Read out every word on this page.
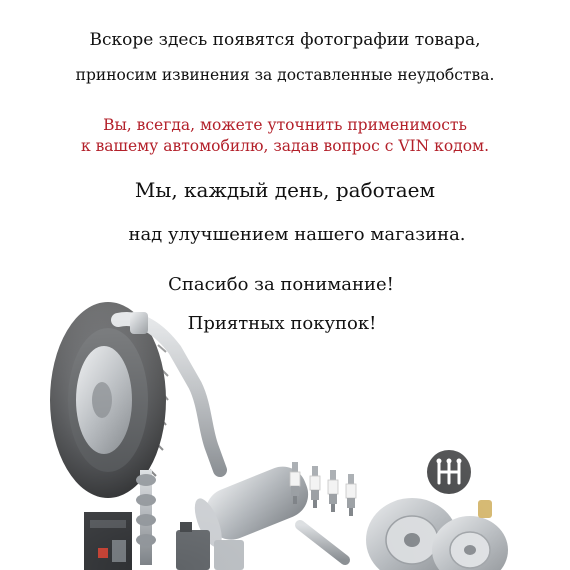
Вскоре здесь появятся фотографии товара,
приносим извинения за доставленные неудобства.
Вы, всегда, можете уточнить применимость
к вашему автомобилю, задав вопрос с VIN кодом.
Мы, каждый день, работаем
над улучшением нашего магазина.
Спасибо за понимание!
Приятных покупок!
